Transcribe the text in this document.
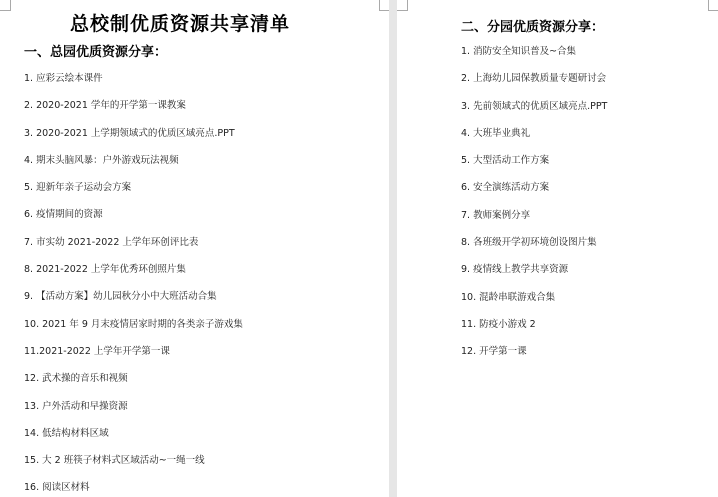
总校制优质资源共享清单
一、总园优质资源分享：
1. 应彩云绘本课件
2. 2020-2021 学年的开学第一课教案
3. 2020-2021 上学期领域式的优质区域亮点.PPT
4. 期末头脑风暴：户外游戏玩法视频
5. 迎新年亲子运动会方案
6. 疫情期间的资源
7. 市实幼 2021-2022 上学年环创评比表
8. 2021-2022 上学年优秀环创照片集
9. 【活动方案】幼儿园秋分小中大班活动合集
10. 2021 年 9 月末疫情居家时期的各类亲子游戏集
11.2021-2022 上学年开学第一课
12. 武术操的音乐和视频
13. 户外活动和早操资源
14. 低结构材料区域
15. 大 2 班筷子材料式区域活动~一绳一线
16. 阅读区材料
二、分园优质资源分享：
1. 消防安全知识普及~合集
2. 上海幼儿园保教质量专题研讨会
3. 先前领域式的优质区域亮点.PPT
4. 大班毕业典礼
5. 大型活动工作方案
6. 安全演练活动方案
7. 教师案例分享
8. 各班级开学初环境创设图片集
9. 疫情线上教学共享资源
10. 混龄串联游戏合集
11. 防疫小游戏 2
12. 开学第一课
